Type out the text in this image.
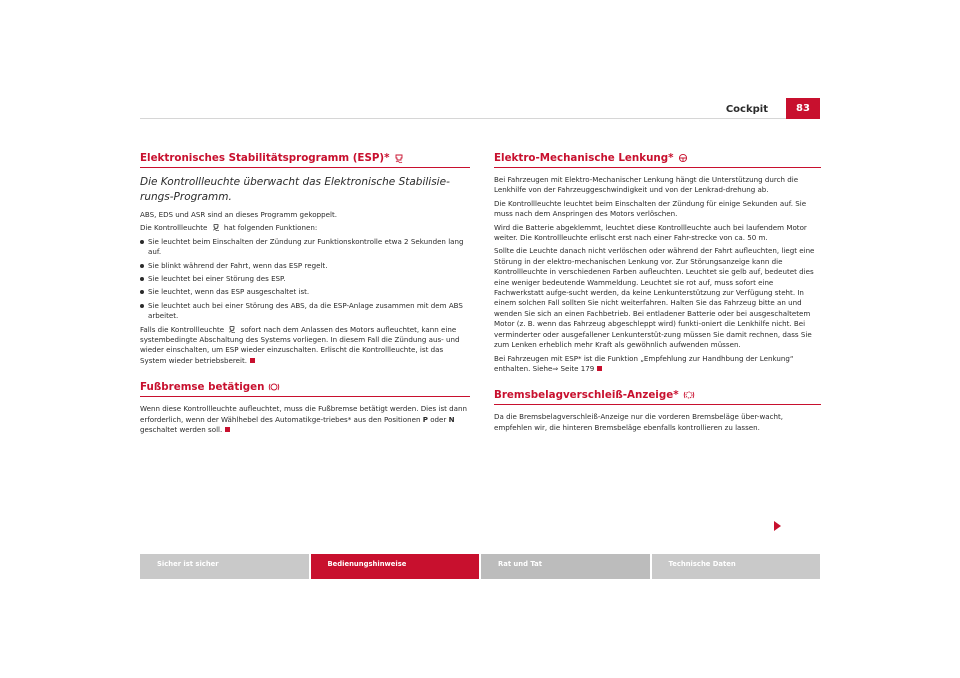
Cockpit	83
Elektronisches Stabilitätsprogramm (ESP)*
Die Kontrollleuchte überwacht das Elektronische Stabilisie-rungs-Programm.

ABS, EDS und ASR sind an dieses Programm gekoppelt.

Die Kontrollleuchte hat folgenden Funktionen:

Sie leuchtet beim Einschalten der Zündung zur Funktionskontrolle etwa 2 Sekunden lang auf.
Sie blinkt während der Fahrt, wenn das ESP regelt.
Sie leuchtet bei einer Störung des ESP.
Sie leuchtet, wenn das ESP ausgeschaltet ist.
Sie leuchtet auch bei einer Störung des ABS, da die ESP-Anlage zusammen mit dem ABS arbeitet.

Falls die Kontrollleuchte sofort nach dem Anlassen des Motors aufleuchtet, kann eine systembedingte Abschaltung des Systems vorliegen. In diesem Fall die Zündung aus- und wieder einschalten, um ESP wieder einzuschalten. Erlischt die Kontrollleuchte, ist das System wieder betriebsbereit.

Fußbremse betätigen

Wenn diese Kontrollleuchte aufleuchtet, muss die Fußbremse betätigt werden. Dies ist dann erforderlich, wenn der Wählhebel des Automatikge-triebes* aus den Positionen P oder N geschaltet werden soll.

Elektro-Mechanische Lenkung*

Bei Fahrzeugen mit Elektro-Mechanischer Lenkung hängt die Unterstützung durch die Lenkhilfe von der Fahrzeuggeschwindigkeit und von der Lenkrad-drehung ab.

Die Kontrollleuchte leuchtet beim Einschalten der Zündung für einige Sekunden auf. Sie muss nach dem Anspringen des Motors verlöschen.

Wird die Batterie abgeklemmt, leuchtet diese Kontrollleuchte auch bei laufendem Motor weiter. Die Kontrollleuchte erlischt erst nach einer Fahr-strecke von ca. 50 m.

Sollte die Leuchte danach nicht verlöschen oder während der Fahrt aufleuchten, liegt eine Störung in der elektro-mechanischen Lenkung vor. Zur Störungsanzeige kann die Kontrollleuchte in verschiedenen Farben aufleuchten. Leuchtet sie gelb auf, bedeutet dies eine weniger bedeutende Wammeldung. Leuchtet sie rot auf, muss sofort eine Fachwerkstatt aufge-sucht werden, da keine Lenkunterstützung zur Verfügung steht. In einem solchen Fall sollten Sie nicht weiterfahren. Halten Sie das Fahrzeug bitte an und wenden Sie sich an einen Fachbetrieb. Bei entladener Batterie oder bei ausgeschaltetem Motor (z. B. wenn das Fahrzeug abgeschleppt wird) funkti-oniert die Lenkhilfe nicht. Bei verminderter oder ausgefallener Lenkunterstüt-zung müssen Sie damit rechnen, dass Sie zum Lenken erheblich mehr Kraft als gewöhnlich aufwenden müssen.

Bei Fahrzeugen mit ESP* ist die Funktion „Empfehlung zur Handhbung der Lenkung“ enthalten. Siehe⇒ Seite 179

Bremsbelagverschleiß-Anzeige*

Da die Bremsbelagverschleiß-Anzeige nur die vorderen Bremsbeläge über-wacht, empfehlen wir, die hinteren Bremsbeläge ebenfalls kontrollieren zu lassen.

Sicher ist sicher	Bedienungshinweise	Rat und Tat	Technische Daten
